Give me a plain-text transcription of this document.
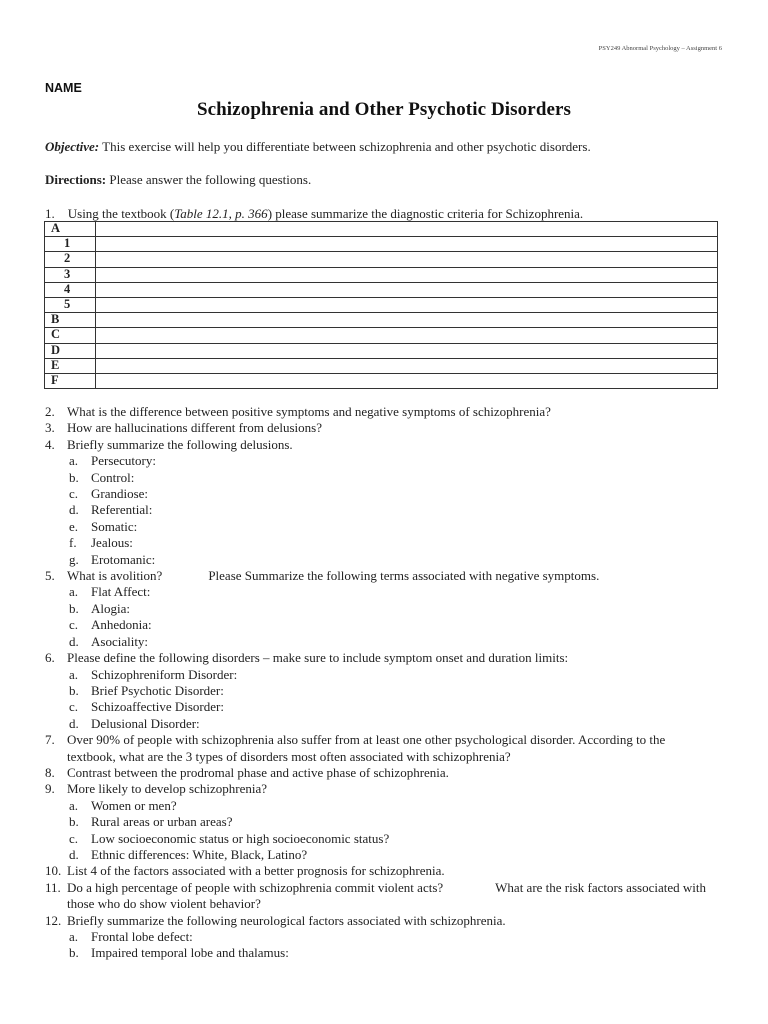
PSY249 Abnormal Psychology – Assignment 6
NAME
Schizophrenia and Other Psychotic Disorders
Objective: This exercise will help you differentiate between schizophrenia and other psychotic disorders.
Directions: Please answer the following questions.
1. Using the textbook (Table 12.1, p. 366) please summarize the diagnostic criteria for Schizophrenia.
A	
1	
2	
3	
4	
5	
B	
C	
D	
E	
F	
2. What is the difference between positive symptoms and negative symptoms of schizophrenia?
3. How are hallucinations different from delusions?
4. Briefly summarize the following delusions.
a. Persecutory:
b. Control:
c. Grandiose:
d. Referential:
e. Somatic:
f. Jealous:
g. Erotomanic:
5. What is avolition?	Please Summarize the following terms associated with negative symptoms.
a. Flat Affect:
b. Alogia:
c. Anhedonia:
d. Asociality:
6. Please define the following disorders – make sure to include symptom onset and duration limits:
a. Schizophreniform Disorder:
b. Brief Psychotic Disorder:
c. Schizoaffective Disorder:
d. Delusional Disorder:
7. Over 90% of people with schizophrenia also suffer from at least one other psychological disorder. According to the
textbook, what are the 3 types of disorders most often associated with schizophrenia?
8. Contrast between the prodromal phase and active phase of schizophrenia.
9. More likely to develop schizophrenia?
a. Women or men?
b. Rural areas or urban areas?
c. Low socioeconomic status or high socioeconomic status?
d. Ethnic differences: White, Black, Latino?
10. List 4 of the factors associated with a better prognosis for schizophrenia.
11. Do a high percentage of people with schizophrenia commit violent acts?	What are the risk factors associated with
those who do show violent behavior?
12. Briefly summarize the following neurological factors associated with schizophrenia.
a. Frontal lobe defect:
b. Impaired temporal lobe and thalamus:
